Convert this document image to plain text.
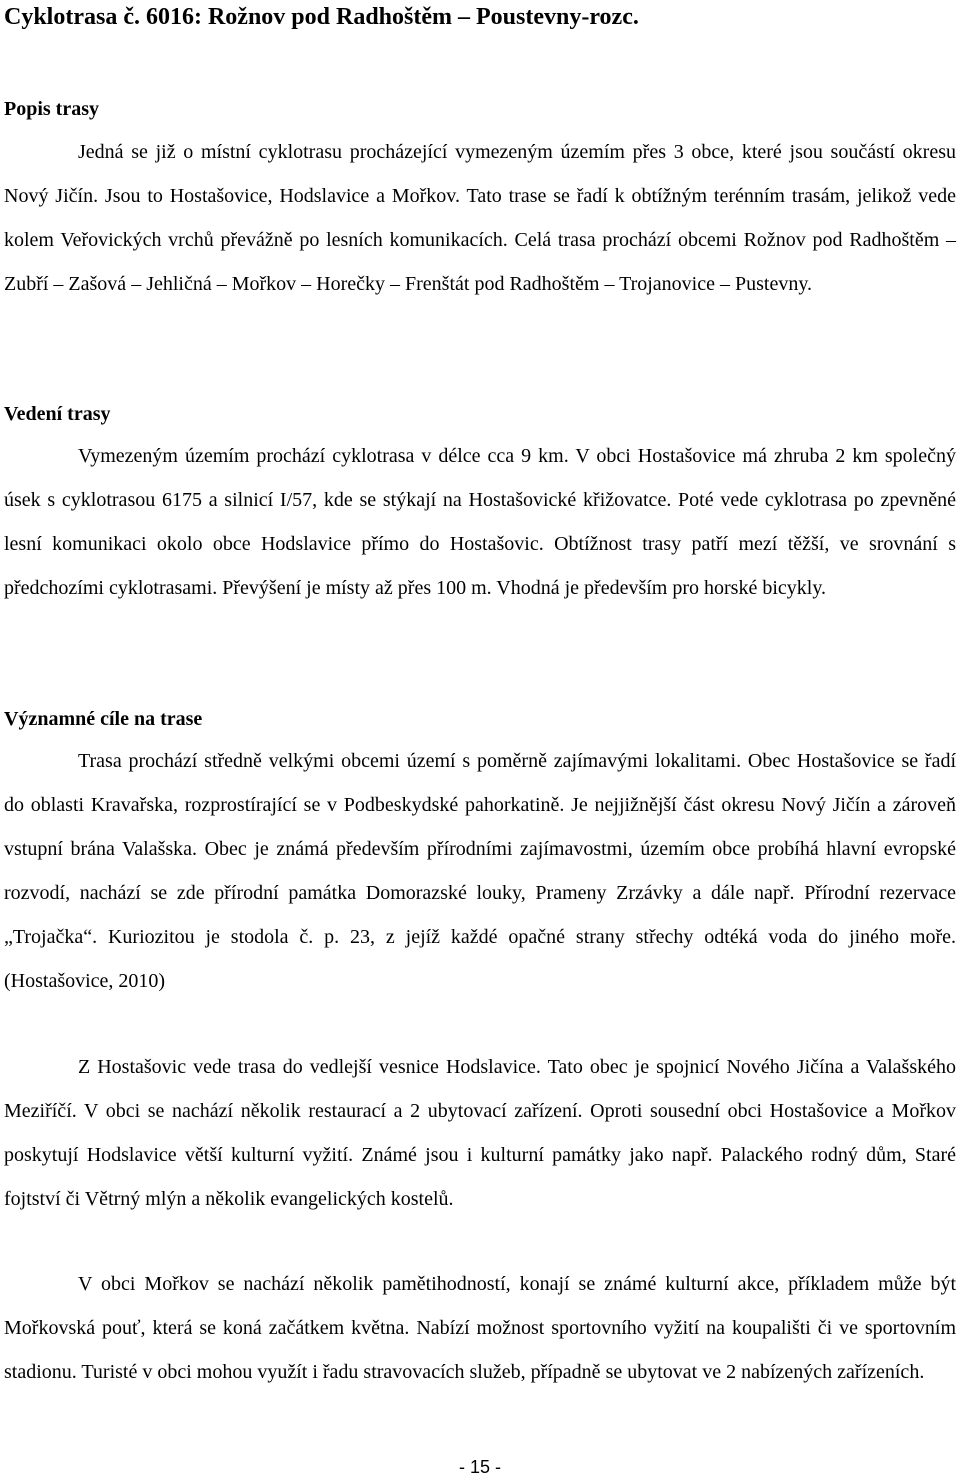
Cyklotrasa č. 6016: Rožnov pod Radhoštěm – Poustevny-rozc.
Popis trasy

Jedná se již o místní cyklotrasu procházející vymezeným územím přes 3 obce, které jsou součástí okresu Nový Jičín. Jsou to Hostašovice, Hodslavice a Mořkov. Tato trase se řadí k obtížným terénním trasám, jelikož vede kolem Veřovických vrchů převážně po lesních komunikacích. Celá trasa prochází obcemi Rožnov pod Radhoštěm – Zubří – Zašová – Jehličná – Mořkov – Horečky – Frenštát pod Radhoštěm – Trojanovice – Pustevny.

Vedení trasy

Vymezeným územím prochází cyklotrasa v délce cca 9 km. V obci Hostašovice má zhruba 2 km společný úsek s cyklotrasou 6175 a silnicí I/57, kde se stýkají na Hostašovické křižovatce. Poté vede cyklotrasa po zpevněné lesní komunikaci okolo obce Hodslavice přímo do Hostašovic. Obtížnost trasy patří mezí těžší, ve srovnání s předchozími cyklotrasami. Převýšení je místy až přes 100 m. Vhodná je především pro horské bicykly.

Významné cíle na trase

Trasa prochází středně velkými obcemi území s poměrně zajímavými lokalitami. Obec Hostašovice se řadí do oblasti Kravařska, rozprostírající se v Podbeskydské pahorkatině. Je nejjižnější část okresu Nový Jičín a zároveň vstupní brána Valašska. Obec je známá především přírodními zajímavostmi, územím obce probíhá hlavní evropské rozvodí, nachází se zde přírodní památka Domorazské louky, Prameny Zrzávky a dále např. Přírodní rezervace „Trojačka“. Kuriozitou je stodola č. p. 23, z jejíž každé opačné strany střechy odtéká voda do jiného moře. (Hostašovice, 2010)

Z Hostašovic vede trasa do vedlejší vesnice Hodslavice. Tato obec je spojnicí Nového Jičína a Valašského Meziříčí. V obci se nachází několik restaurací a 2 ubytovací zařízení. Oproti sousední obci Hostašovice a Mořkov poskytují Hodslavice větší kulturní vyžití. Známé jsou i kulturní památky jako např. Palackého rodný dům, Staré fojtství či Větrný mlýn a několik evangelických kostelů.

V obci Mořkov se nachází několik pamětihodností, konají se známé kulturní akce, příkladem může být Mořkovská pouť, která se koná začátkem května. Nabízí možnost sportovního vyžití na koupališti či ve sportovním stadionu. Turisté v obci mohou využít i řadu stravovacích služeb, případně se ubytovat ve 2 nabízených zařízeních.

- 15 -
